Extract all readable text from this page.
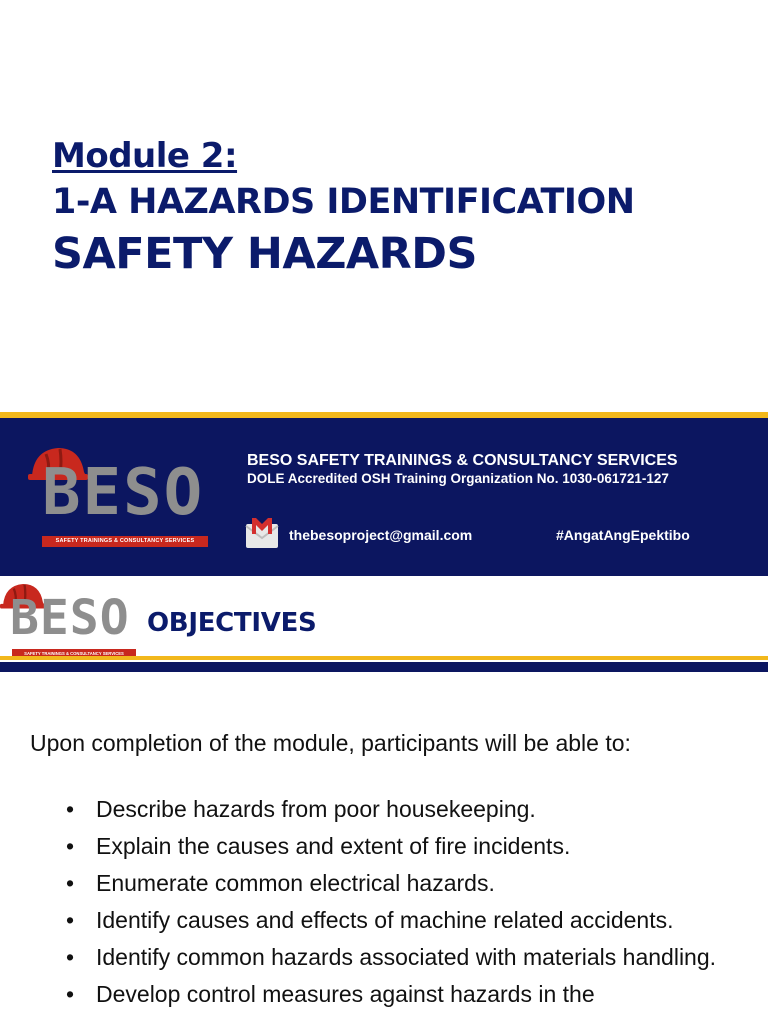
Module 2:
1-A HAZARDS IDENTIFICATION
SAFETY HAZARDS
BESO
SAFETY TRAININGS & CONSULTANCY SERVICES
BESO SAFETY TRAININGS & CONSULTANCY SERVICES
DOLE Accredited OSH Training Organization No. 1030-061721-127
thebesoproject@gmail.com	#AngatAngEpektibo
BESO
SAFETY TRAININGS & CONSULTANCY SERVICES
OBJECTIVES
Upon completion of the module, participants will be able to:
• Describe hazards from poor housekeeping.
• Explain the causes and extent of fire incidents.
• Enumerate common electrical hazards.
• Identify causes and effects of machine related accidents.
• Identify common hazards associated with materials handling.
• Develop control measures against hazards in the
